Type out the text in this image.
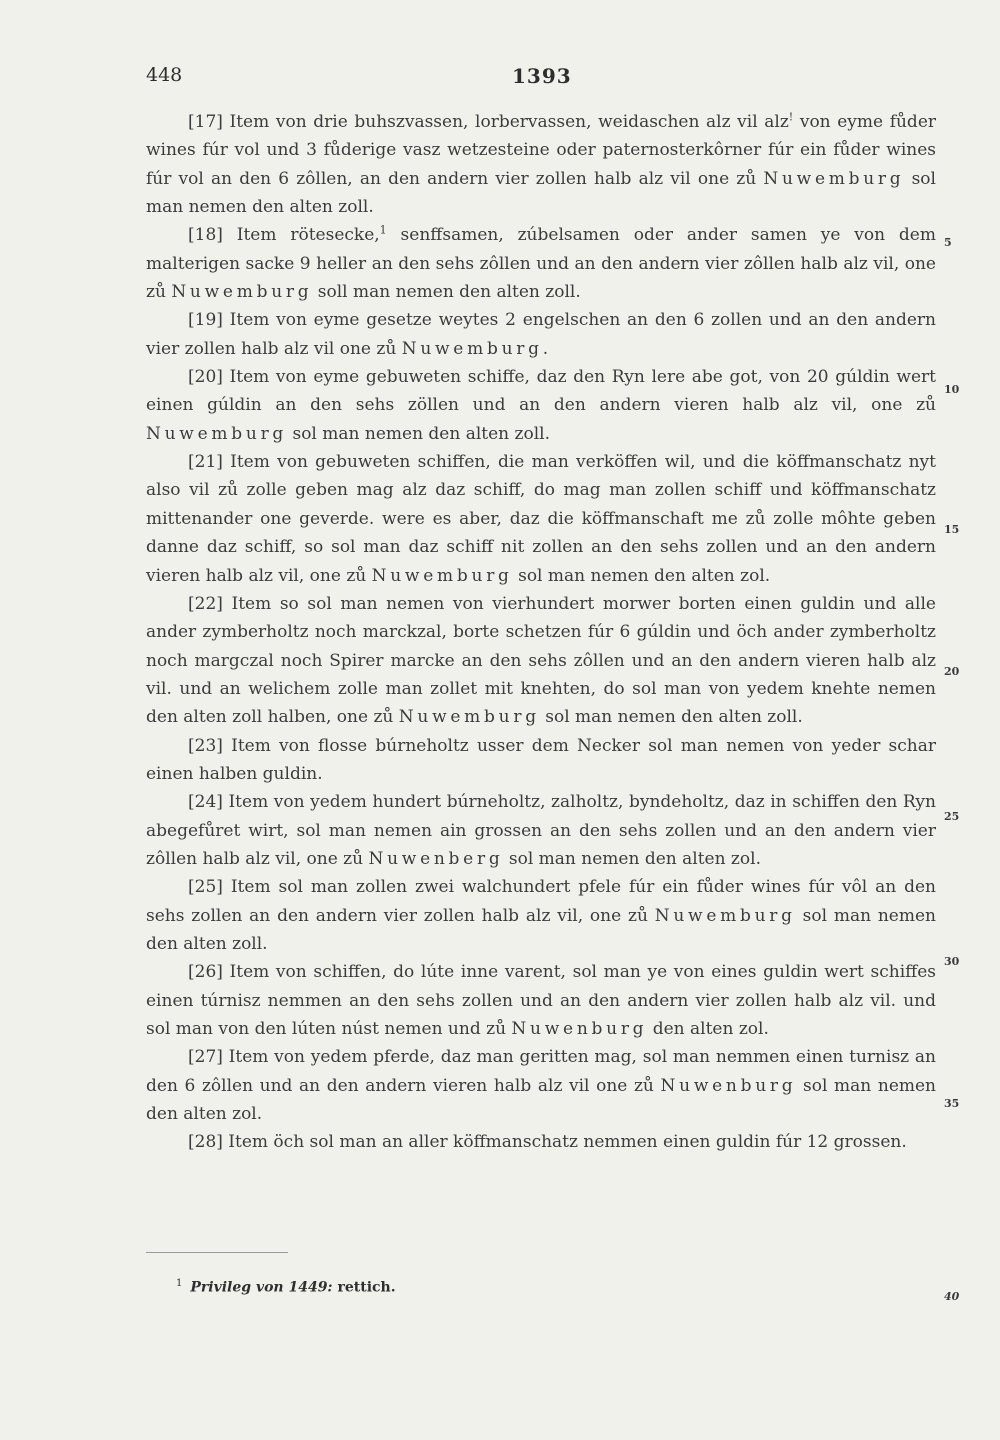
448	1393

[17] Item von drie buhszvassen, lorbervassen, weidaschen alz vil alz! von eyme fůder wines fúr vol und 3 fůderige vasz wetzesteine oder paternosterkôrner fúr ein fůder wines fúr vol an den 6 zôllen, an den andern vier zollen halb alz vil one zů Nuwemburg sol man nemen den alten zoll.

[18] Item rötesecke,$^1$ senffsamen, zúbelsamen oder ander samen ye von dem malterigen sacke 9 heller an den sehs zôllen und an den andern vier zôllen halb alz vil, one zů Nuwemburg soll man nemen den alten zoll.

[19] Item von eyme gesetze weytes 2 engelschen an den 6 zollen und an den andern vier zollen halb alz vil one zů Nuwemburg.

[20] Item von eyme gebuweten schiffe, daz den Ryn lere abe got, von 20 gúldin wert einen gúldin an den sehs zöllen und an den andern vieren halb alz vil, one zů Nuwemburg sol man nemen den alten zoll.

[21] Item von gebuweten schiffen, die man verköffen wil, und die köffmanschatz nyt also vil zů zolle geben mag alz daz schiff, do mag man zollen schiff und köffmanschatz mittenander one geverde. were es aber, daz die köffmanschaft me zů zolle môhte geben danne daz schiff, so sol man daz schiff nit zollen an den sehs zollen und an den andern vieren halb alz vil, one zů Nuwemburg sol man nemen den alten zol.

[22] Item so sol man nemen von vierhundert morwer borten einen guldin und alle ander zymberholtz noch marckzal, borte schetzen fúr 6 gúldin und öch ander zymberholtz noch margczal noch Spirer marcke an den sehs zôllen und an den andern vieren halb alz vil. und an welichem zolle man zollet mit knehten, do sol man von yedem knehte nemen den alten zoll halben, one zů Nuwemburg sol man nemen den alten zoll.

[23] Item von flosse búrneholtz usser dem Necker sol man nemen von yeder schar einen halben guldin.

[24] Item von yedem hundert búrneholtz, zalholtz, byndeholtz, daz in schiffen den Ryn abegefůret wirt, sol man nemen ain grossen an den sehs zollen und an den andern vier zôllen halb alz vil, one zů Nuwenberg sol man nemen den alten zol.

[25] Item sol man zollen zwei walchundert pfele fúr ein fůder wines fúr vôl an den sehs zollen an den andern vier zollen halb alz vil, one zů Nuwemburg sol man nemen den alten zoll.

[26] Item von schiffen, do lúte inne varent, sol man ye von eines guldin wert schiffes einen túrnisz nemmen an den sehs zollen und an den andern vier zollen halb alz vil. und sol man von den lúten núst nemen und zů Nuwenburg den alten zol.

[27] Item von yedem pferde, daz man geritten mag, sol man nemmen einen turnisz an den 6 zôllen und an den andern vieren halb alz vil one zů Nuwenburg sol man nemen den alten zol.

[28] Item öch sol man an aller köffmanschatz nemmen einen guldin fúr 12 grossen.

5
10
15
20
25
30
35
40
$^1$ Privileg von 1449: rettich.
